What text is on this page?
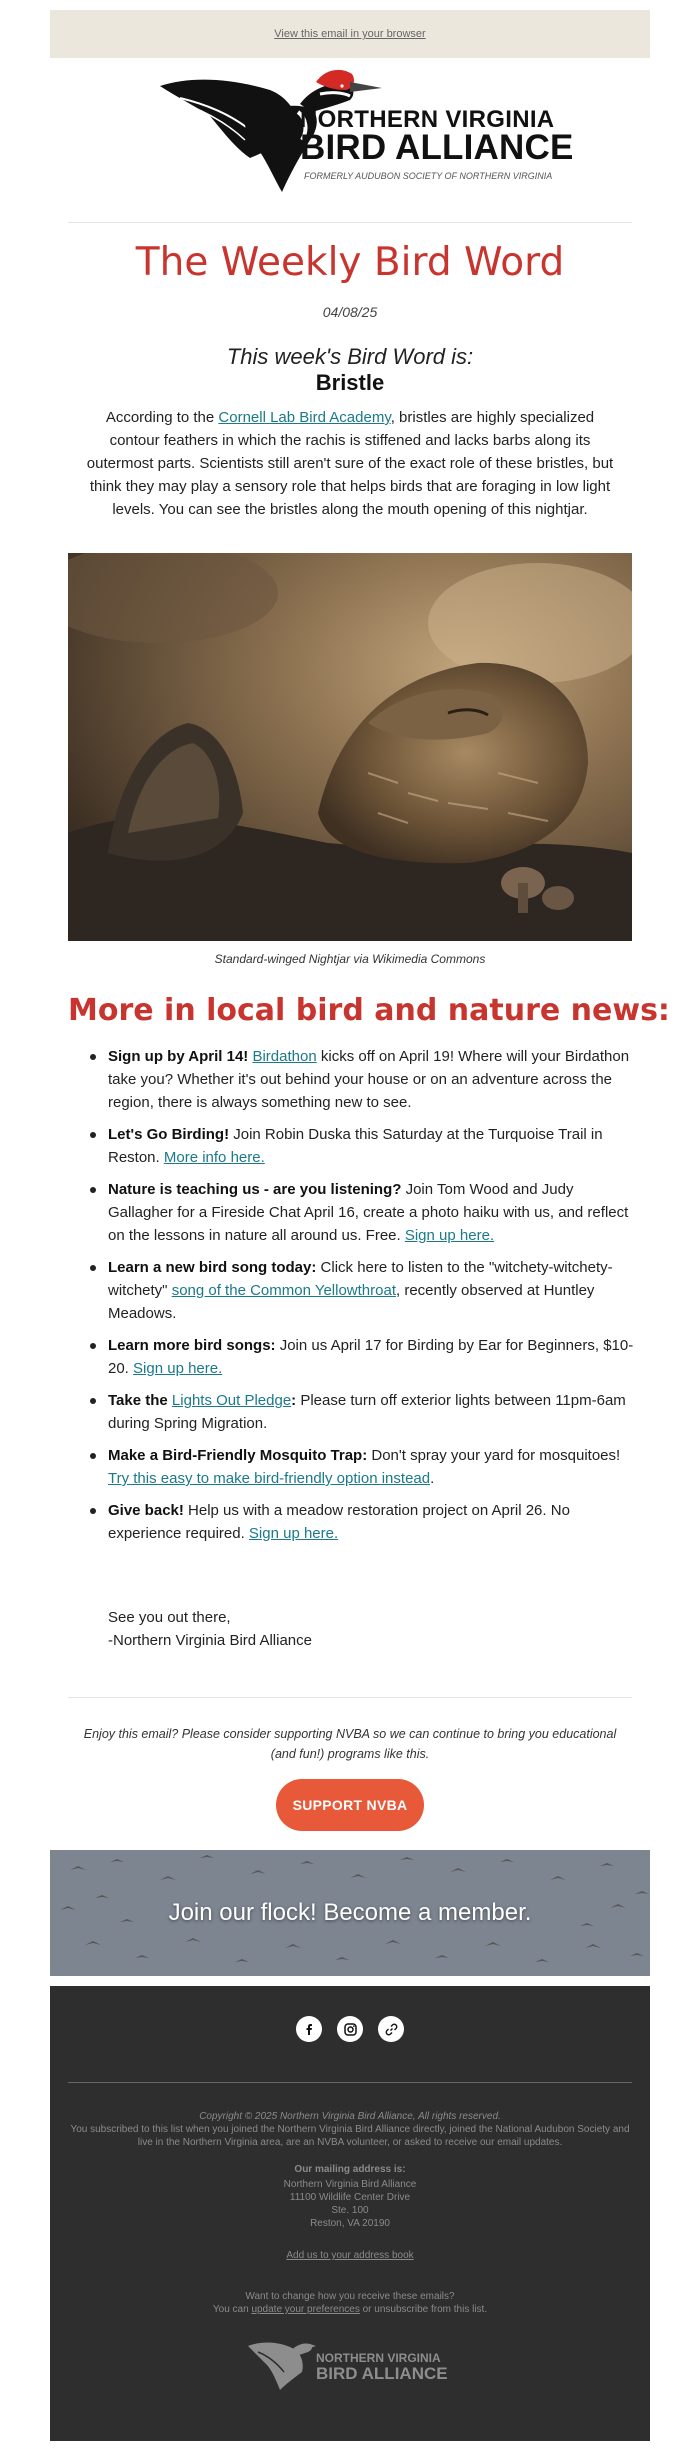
View this email in your browser
NORTHERN VIRGINIA
BIRD ALLIANCE
FORMERLY AUDUBON SOCIETY OF NORTHERN VIRGINIA
The Weekly Bird Word
04/08/25
This week's Bird Word is:
Bristle

According to the Cornell Lab Bird Academy, bristles are highly specialized contour feathers in which the rachis is stiffened and lacks barbs along its outermost parts. Scientists still aren't sure of the exact role of these bristles, but think they may play a sensory role that helps birds that are foraging in low light levels. You can see the bristles along the mouth opening of this nightjar.

Standard-winged Nightjar via Wikimedia Commons
More in local bird and nature news:
Sign up by April 14! Birdathon kicks off on April 19! Where will your Birdathon take you? Whether it's out behind your house or on an adventure across the region, there is always something new to see.
Let's Go Birding! Join Robin Duska this Saturday at the Turquoise Trail in Reston. More info here.
Nature is teaching us - are you listening? Join Tom Wood and Judy Gallagher for a Fireside Chat April 16, create a photo haiku with us, and reflect on the lessons in nature all around us. Free. Sign up here.
Learn a new bird song today: Click here to listen to the "witchety-witchety-witchety" song of the Common Yellowthroat, recently observed at Huntley Meadows.
Learn more bird songs: Join us April 17 for Birding by Ear for Beginners, $10-20. Sign up here.
Take the Lights Out Pledge: Please turn off exterior lights between 11pm-6am during Spring Migration.
Make a Bird-Friendly Mosquito Trap: Don't spray your yard for mosquitoes! Try this easy to make bird-friendly option instead.
Give back! Help us with a meadow restoration project on April 26. No experience required. Sign up here.
See you out there,
-Northern Virginia Bird Alliance

Enjoy this email? Please consider supporting NVBA so we can continue to bring you educational (and fun!) programs like this.

SUPPORT NVBA
Join our flock! Become a member.
Copyright © 2025 Northern Virginia Bird Alliance, All rights reserved.
You subscribed to this list when you joined the Northern Virginia Bird Alliance directly, joined the National Audubon Society and live in the Northern Virginia area, are an NVBA volunteer, or asked to receive our email updates.
Our mailing address is:
Northern Virginia Bird Alliance
11100 Wildlife Center Drive
Ste. 100
Reston, VA 20190
Add us to your address book
Want to change how you receive these emails?
You can update your preferences or unsubscribe from this list.
NORTHERN VIRGINIA
BIRD ALLIANCE
